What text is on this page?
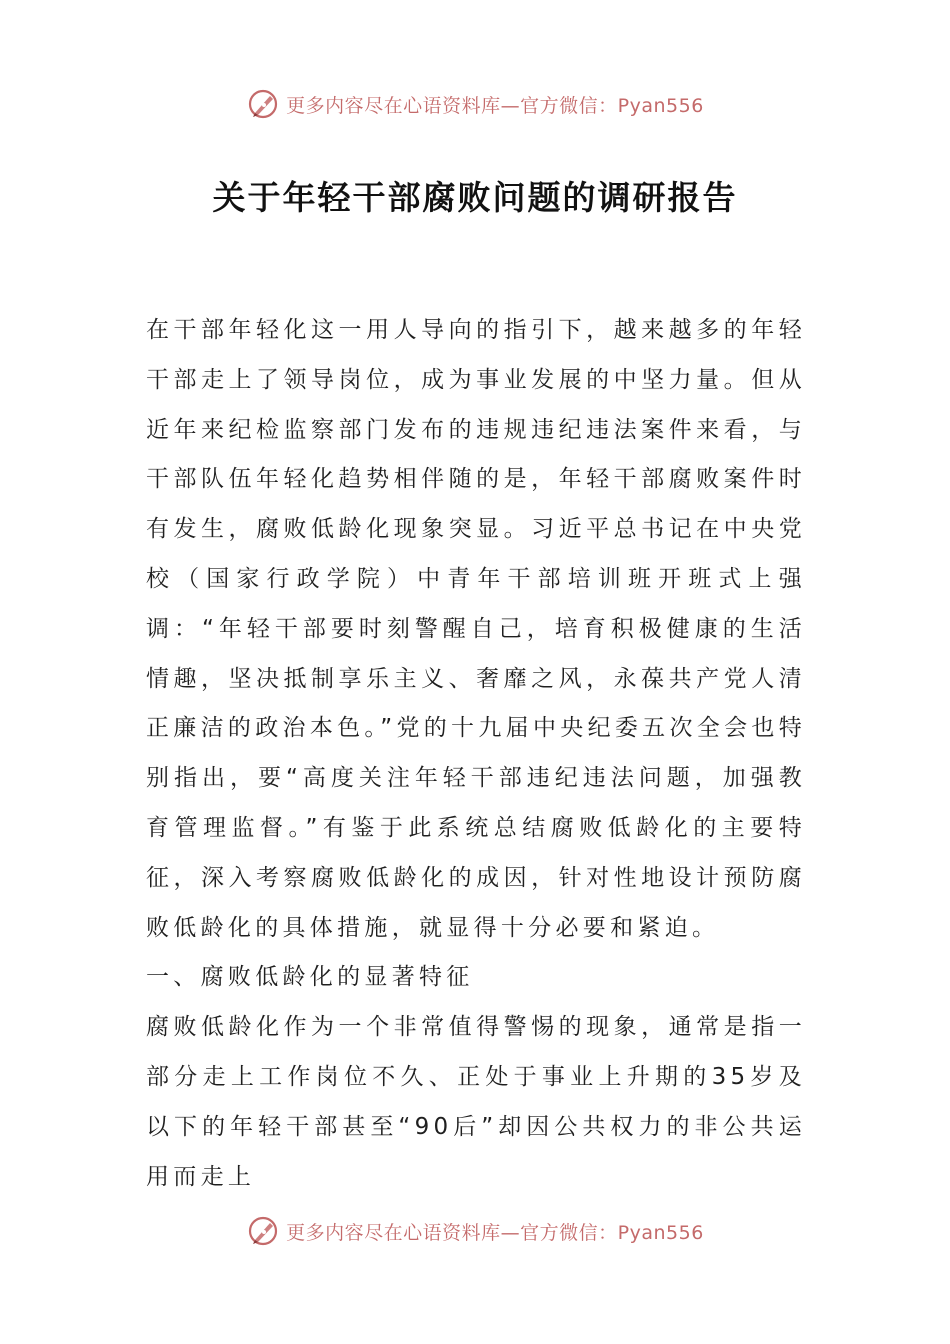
更多内容尽在心语资料库—官方微信：Pyan556
关于年轻干部腐败问题的调研报告

在干部年轻化这一用人导向的指引下，越来越多的年轻干部走上了领导岗位，成为事业发展的中坚力量。但从近年来纪检监察部门发布的违规违纪违法案件来看，与干部队伍年轻化趋势相伴随的是，年轻干部腐败案件时有发生，腐败低龄化现象突显。习近平总书记在中央党校（国家行政学院）中青年干部培训班开班式上强调：“年轻干部要时刻警醒自己，培育积极健康的生活情趣，坚决抵制享乐主义、奢靡之风，永葆共产党人清正廉洁的政治本色。”党的十九届中央纪委五次全会也特别指出，要“高度关注年轻干部违纪违法问题，加强教育管理监督。”有鉴于此系统总结腐败低龄化的主要特征，深入考察腐败低龄化的成因，针对性地设计预防腐败低龄化的具体措施，就显得十分必要和紧迫。

一、腐败低龄化的显著特征

腐败低龄化作为一个非常值得警惕的现象，通常是指一部分走上工作岗位不久、正处于事业上升期的35岁及以下的年轻干部甚至“90后”却因公共权力的非公共运用而走上

更多内容尽在心语资料库—官方微信：Pyan556
